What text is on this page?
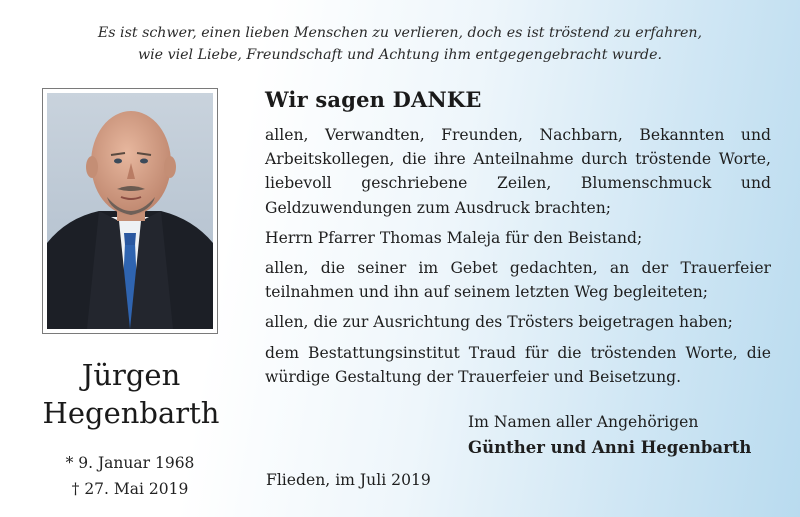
Es ist schwer, einen lieben Menschen zu verlieren, doch es ist tröstend zu erfahren,
wie viel Liebe, Freundschaft und Achtung ihm entgegengebracht wurde.
Jürgen
Hegenbarth
* 9. Januar 1968
† 27. Mai 2019
Wir sagen DANKE

allen, Verwandten, Freunden, Nachbarn, Bekannten und Arbeitskollegen, die ihre Anteilnahme durch tröstende Worte, liebevoll geschriebene Zeilen, Blumenschmuck und Geldzuwendungen zum Ausdruck brachten;

Herrn Pfarrer Thomas Maleja für den Beistand;

allen, die seiner im Gebet gedachten, an der Trauerfeier teilnahmen und ihn auf seinem letzten Weg begleiteten;

allen, die zur Ausrichtung des Trösters beigetragen haben;

dem Bestattungsinstitut Traud für die tröstenden Worte, die würdige Gestaltung der Trauerfeier und Beisetzung.

Im Namen aller Angehörigen
Günther und Anni Hegenbarth
Flieden, im Juli 2019
